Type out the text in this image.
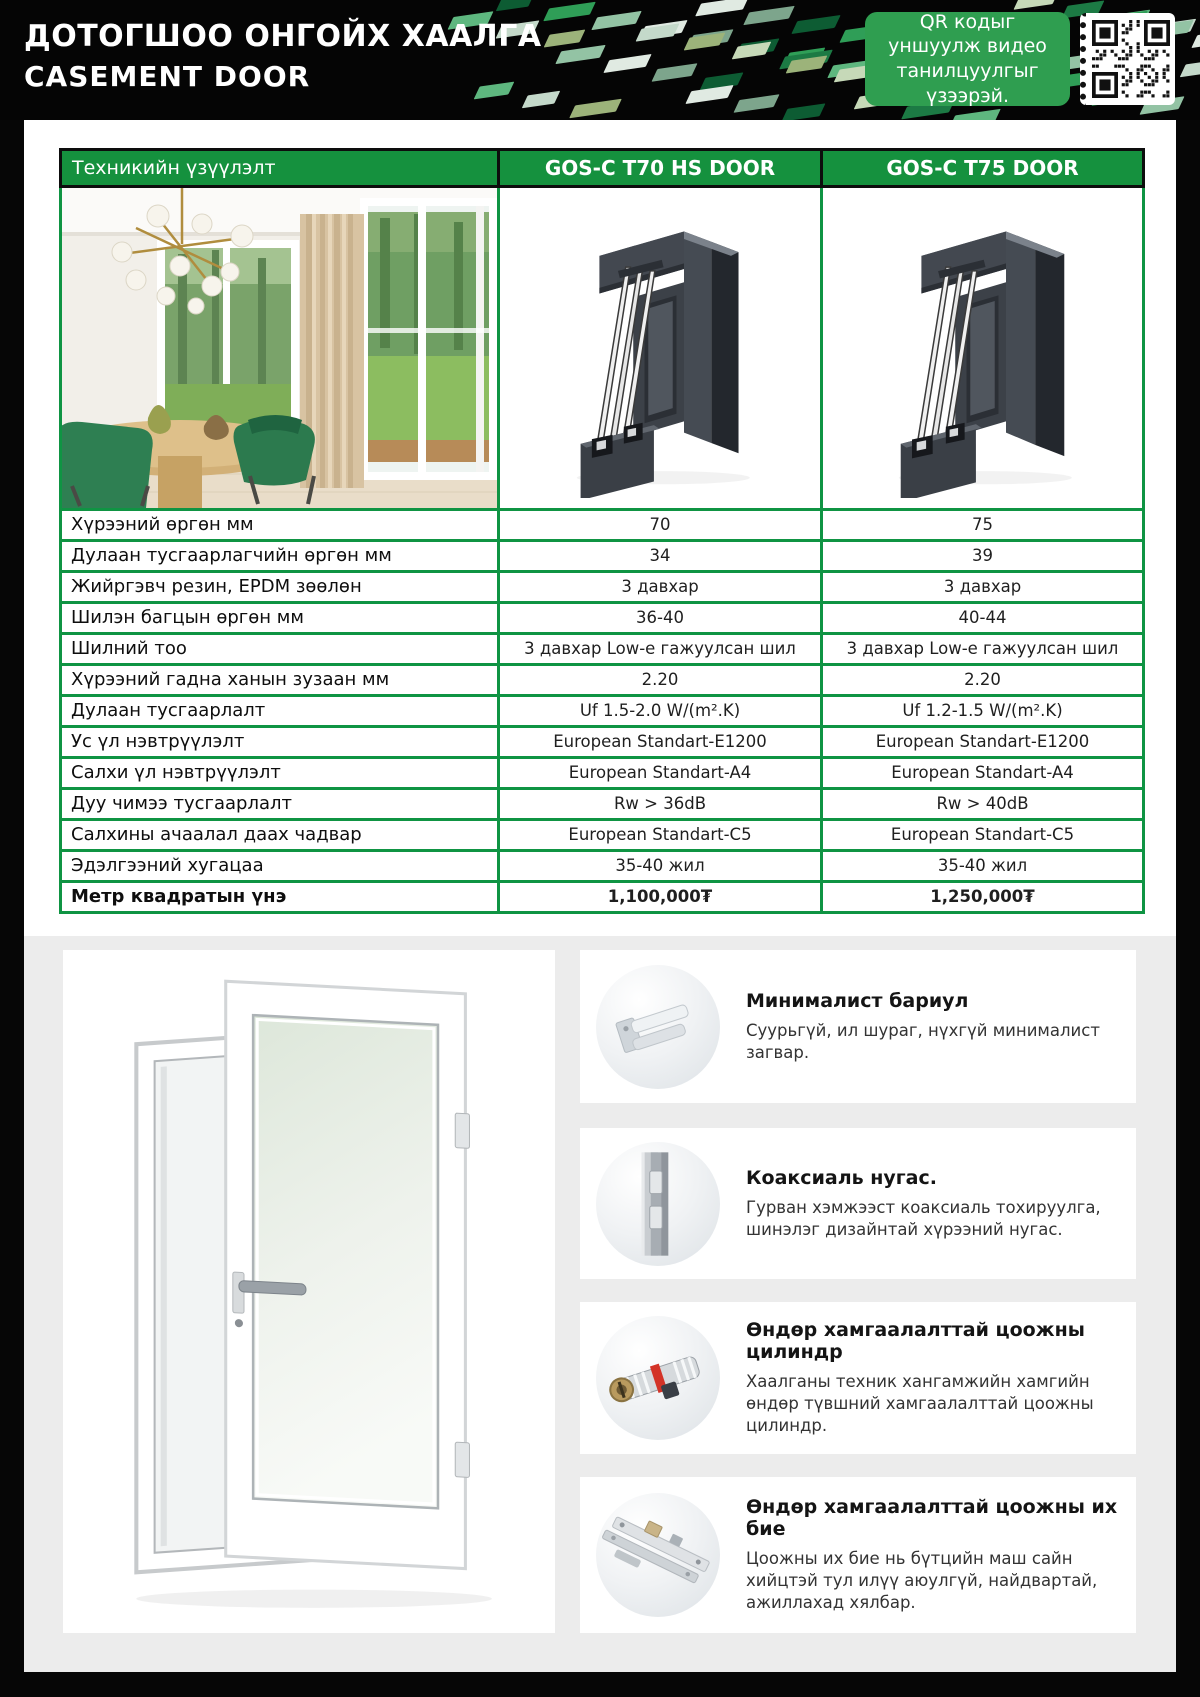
ДОТОГШОО ОНГОЙХ ХААЛГА
CASEMENT DOOR
QR кодыг уншуулж видео танилцуулгыг үзээрэй.
Техникийн үзүүлэлт	GOS-C T70 HS DOOR	GOS-C T75 DOOR
Хүрээний өргөн мм	70	75
Дулаан тусгаарлагчийн өргөн мм	34	39
Жийргэвч резин, EPDM зөөлөн	3 давхар	3 давхар
Шилэн багцын өргөн мм	36-40	40-44
Шилний тоо	3 давхар Low-e гажуулсан шил	3 давхар Low-e гажуулсан шил
Хүрээний гадна ханын зузаан мм	2.20	2.20
Дулаан тусгаарлалт	Uf 1.5-2.0 W/(m².K)	Uf 1.2-1.5 W/(m².K)
Ус үл нэвтрүүлэлт	European Standart-E1200	European Standart-E1200
Салхи үл нэвтрүүлэлт	European Standart-A4	European Standart-A4
Дуу чимээ тусгаарлалт	Rw > 36dB	Rw > 40dB
Салхины ачаалал даах чадвар	European Standart-C5	European Standart-C5
Эдэлгээний хугацаа	35-40 жил	35-40 жил
Метр квадратын үнэ	1,100,000₮	1,250,000₮
Минималист бариул
Суурьгүй, ил шураг, нүхгүй минималист загвар.
Коаксиаль нугас.
Гурван хэмжээст коаксиаль тохируулга, шинэлэг дизайнтай хүрээний нугас.
Өндөр хамгаалалттай цоожны цилиндр
Хаалганы техник хангамжийн хамгийн өндөр түвшний хамгаалалттай цоожны цилиндр.
Өндөр хамгаалалттай цоожны их бие
Цоожны их бие нь бүтцийн маш сайн хийцтэй тул илүү аюулгүй, найдвартай, ажиллахад хялбар.
